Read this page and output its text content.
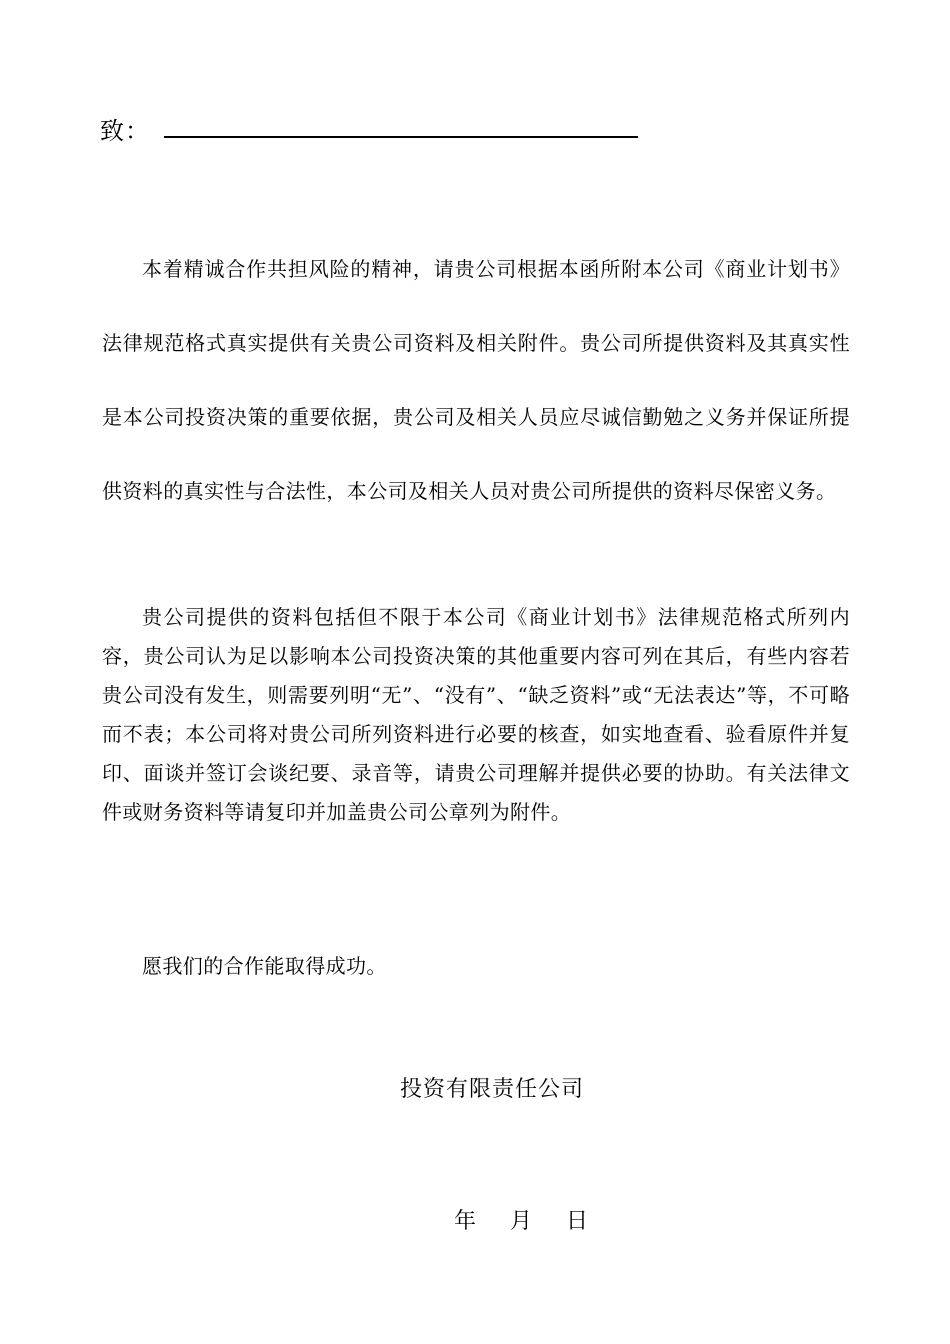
致：

本着精诚合作共担风险的精神，请贵公司根据本函所附本公司《商业计划书》法律规范格式真实提供有关贵公司资料及相关附件。贵公司所提供资料及其真实性是本公司投资决策的重要依据，贵公司及相关人员应尽诚信勤勉之义务并保证所提供资料的真实性与合法性，本公司及相关人员对贵公司所提供的资料尽保密义务。

贵公司提供的资料包括但不限于本公司《商业计划书》法律规范格式所列内容，贵公司认为足以影响本公司投资决策的其他重要内容可列在其后，有些内容若贵公司没有发生，则需要列明“无”、“没有”、“缺乏资料”或“无法表达”等，不可略而不表；本公司将对贵公司所列资料进行必要的核查，如实地查看、验看原件并复印、面谈并签订会谈纪要、录音等，请贵公司理解并提供必要的协助。有关法律文件或财务资料等请复印并加盖贵公司公章列为附件。

愿我们的合作能取得成功。

投资有限责任公司

年	月	日
